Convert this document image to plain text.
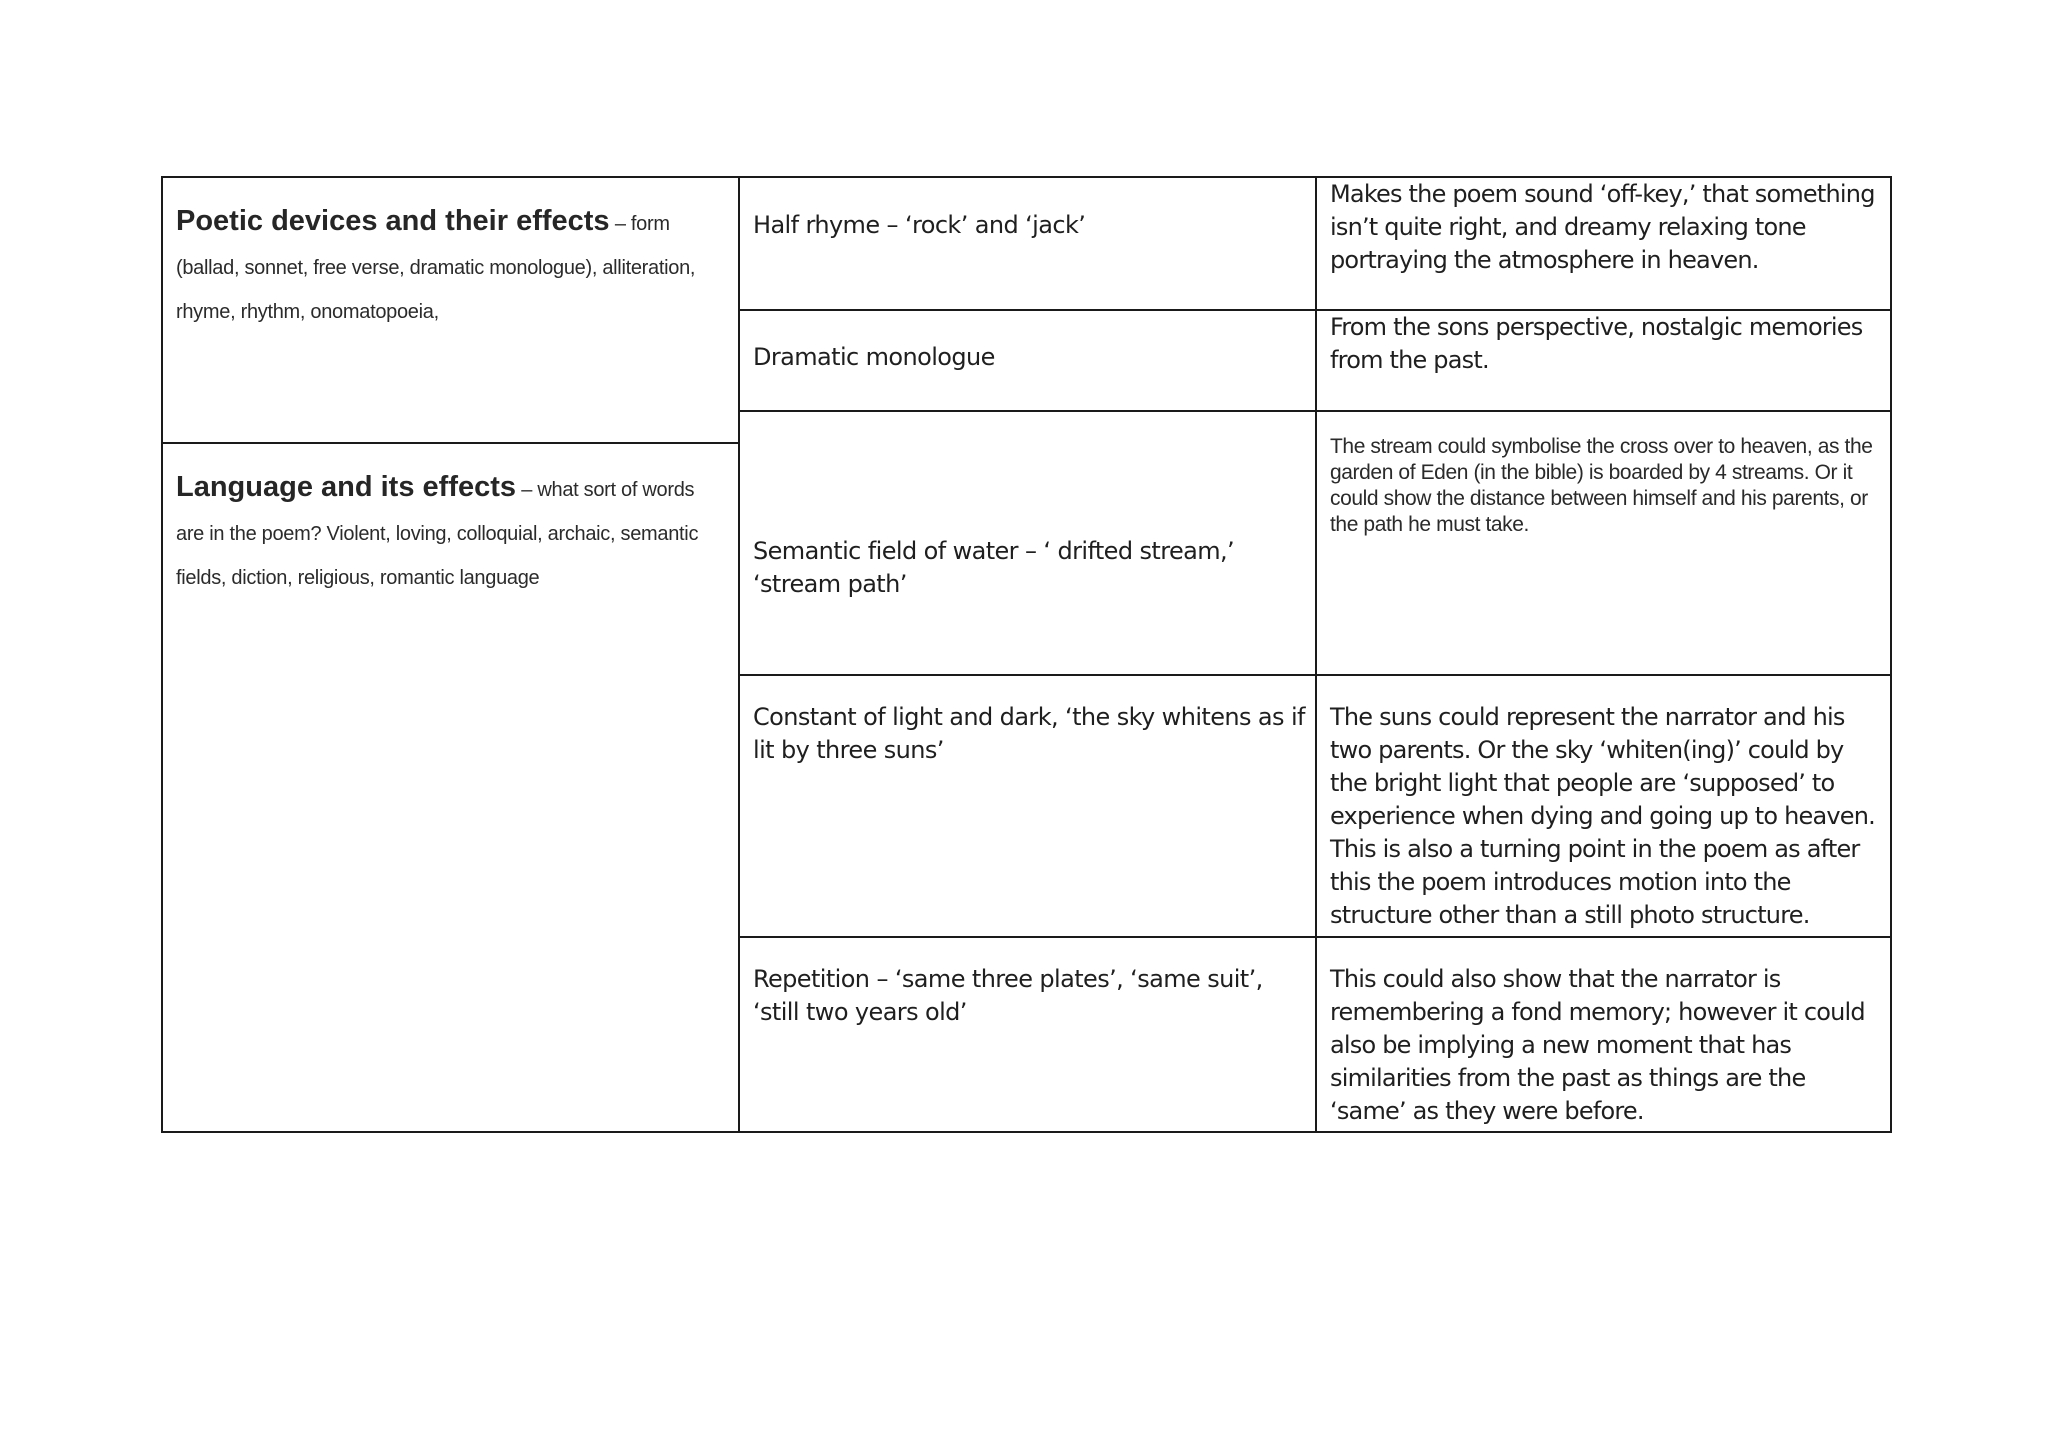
Poetic devices and their effects – form (ballad, sonnet, free verse, dramatic monologue), alliteration, rhyme, rhythm, onomatopoeia,

Language and its effects – what sort of words are in the poem? Violent, loving, colloquial, archaic, semantic fields, diction, religious, romantic language

Half rhyme – ‘rock’ and ‘jack’
Makes the poem sound ‘off-key,’ that something isn’t quite right, and dreamy relaxing tone portraying the atmosphere in heaven.
Dramatic monologue
From the sons perspective, nostalgic memories from the past.
Semantic field of water – ‘ drifted stream,’ ‘stream path’
The stream could symbolise the cross over to heaven, as the garden of Eden (in the bible) is boarded by 4 streams. Or it could show the distance between himself and his parents, or the path he must take.
Constant of light and dark, ‘the sky whitens as if lit by three suns’
The suns could represent the narrator and his two parents. Or the sky ‘whiten(ing)’ could by the bright light that people are ‘supposed’ to experience when dying and going up to heaven. This is also a turning point in the poem as after this the poem introduces motion into the structure other than a still photo structure.
Repetition – ‘same three plates’, ‘same suit’, ‘still two years old’
This could also show that the narrator is remembering a fond memory; however it could also be implying a new moment that has similarities from the past as things are the ‘same’ as they were before.
